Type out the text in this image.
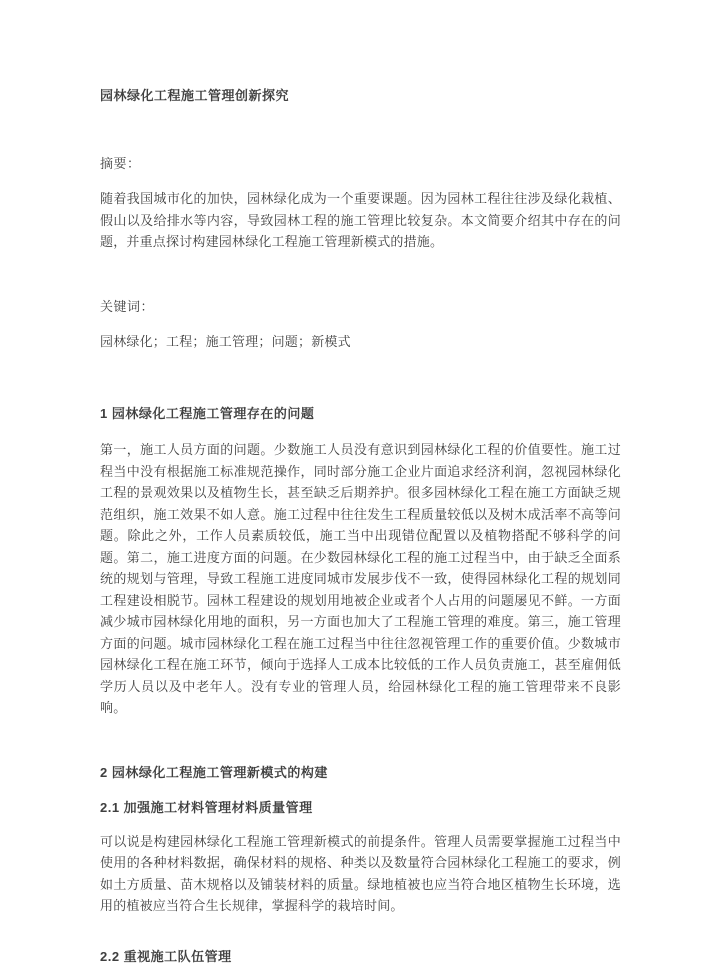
园林绿化工程施工管理创新探究

摘要：

随着我国城市化的加快，园林绿化成为一个重要课题。因为园林工程往往涉及绿化栽植、假山以及给排水等内容，导致园林工程的施工管理比较复杂。本文简要介绍其中存在的问题，并重点探讨构建园林绿化工程施工管理新模式的措施。

关键词：

园林绿化；工程；施工管理；问题；新模式

1 园林绿化工程施工管理存在的问题

第一，施工人员方面的问题。少数施工人员没有意识到园林绿化工程的价值要性。施工过程当中没有根据施工标准规范操作，同时部分施工企业片面追求经济利润，忽视园林绿化工程的景观效果以及植物生长，甚至缺乏后期养护。很多园林绿化工程在施工方面缺乏规范组织，施工效果不如人意。施工过程中往往发生工程质量较低以及树木成活率不高等问题。除此之外，工作人员素质较低，施工当中出现错位配置以及植物搭配不够科学的问题。第二，施工进度方面的问题。在少数园林绿化工程的施工过程当中，由于缺乏全面系统的规划与管理，导致工程施工进度同城市发展步伐不一致，使得园林绿化工程的规划同工程建设相脱节。园林工程建设的规划用地被企业或者个人占用的问题屡见不鲜。一方面减少城市园林绿化用地的面积，另一方面也加大了工程施工管理的难度。第三，施工管理方面的问题。城市园林绿化工程在施工过程当中往往忽视管理工作的重要价值。少数城市园林绿化工程在施工环节，倾向于选择人工成本比较低的工作人员负责施工，甚至雇佣低学历人员以及中老年人。没有专业的管理人员，给园林绿化工程的施工管理带来不良影响。

2 园林绿化工程施工管理新模式的构建
2.1 加强施工材料管理材料质量管理

可以说是构建园林绿化工程施工管理新模式的前提条件。管理人员需要掌握施工过程当中使用的各种材料数据，确保材料的规格、种类以及数量符合园林绿化工程施工的要求，例如土方质量、苗木规格以及铺装材料的质量。绿地植被也应当符合地区植物生长环境，选用的植被应当符合生长规律，掌握科学的栽培时间。

2.2 重视施工队伍管理
